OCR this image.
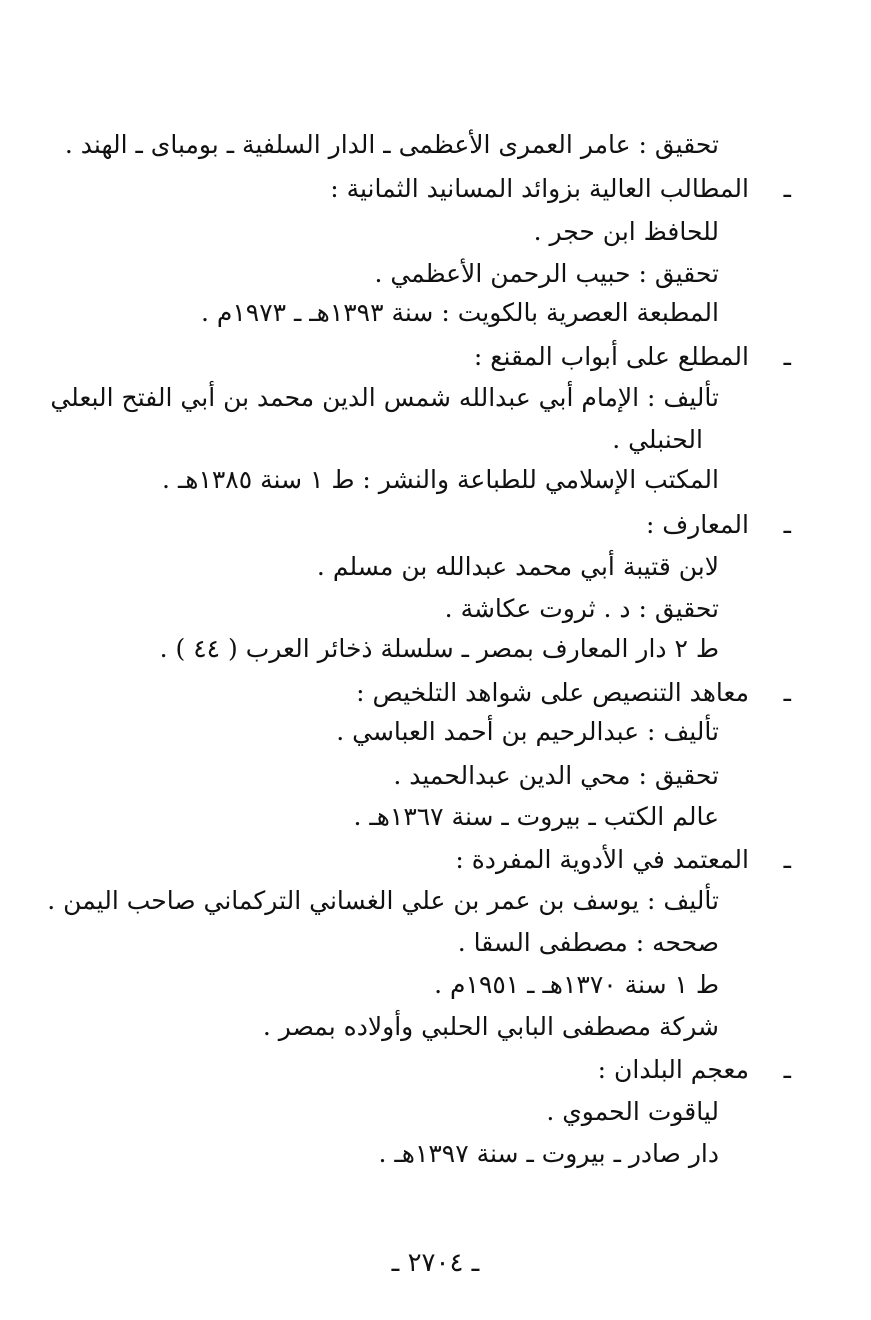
تحقيق : عامر العمرى الأعظمى ـ الدار السلفية ـ بومباى ـ الهند .
ـ
المطالب العالية بزوائد المسانيد الثمانية :
للحافظ ابن حجر .
تحقيق : حبيب الرحمن الأعظمي .
المطبعة العصرية بالكويت : سنة ١٣٩٣هـ ـ ١٩٧٣م .
ـ
المطلع على أبواب المقنع :
تأليف : الإمام أبي عبدالله شمس الدين محمد بن أبي الفتح البعلي
الحنبلي .
المكتب الإسلامي للطباعة والنشر : ط ١ سنة ١٣٨٥هـ .
ـ
المعارف :
لابن قتيبة أبي محمد عبدالله بن مسلم .
تحقيق : د . ثروت عكاشة .
ط ٢ دار المعارف بمصر ـ سلسلة ذخائر العرب ( ٤٤ ) .
ـ
معاهد التنصيص على شواهد التلخيص :
تأليف : عبدالرحيم بن أحمد العباسي .
تحقيق : محي الدين عبدالحميد .
عالم الكتب ـ بيروت ـ سنة ١٣٦٧هـ .
ـ
المعتمد في الأدوية المفردة :
تأليف : يوسف بن عمر بن علي الغساني التركماني صاحب اليمن .
صححه : مصطفى السقا .
ط ١ سنة ١٣٧٠هـ ـ ١٩٥١م .
شركة مصطفى البابي الحلبي وأولاده بمصر .
ـ
معجم البلدان :
لياقوت الحموي .
دار صادر ـ بيروت ـ سنة ١٣٩٧هـ .
ـ ٢٧٠٤ ـ
